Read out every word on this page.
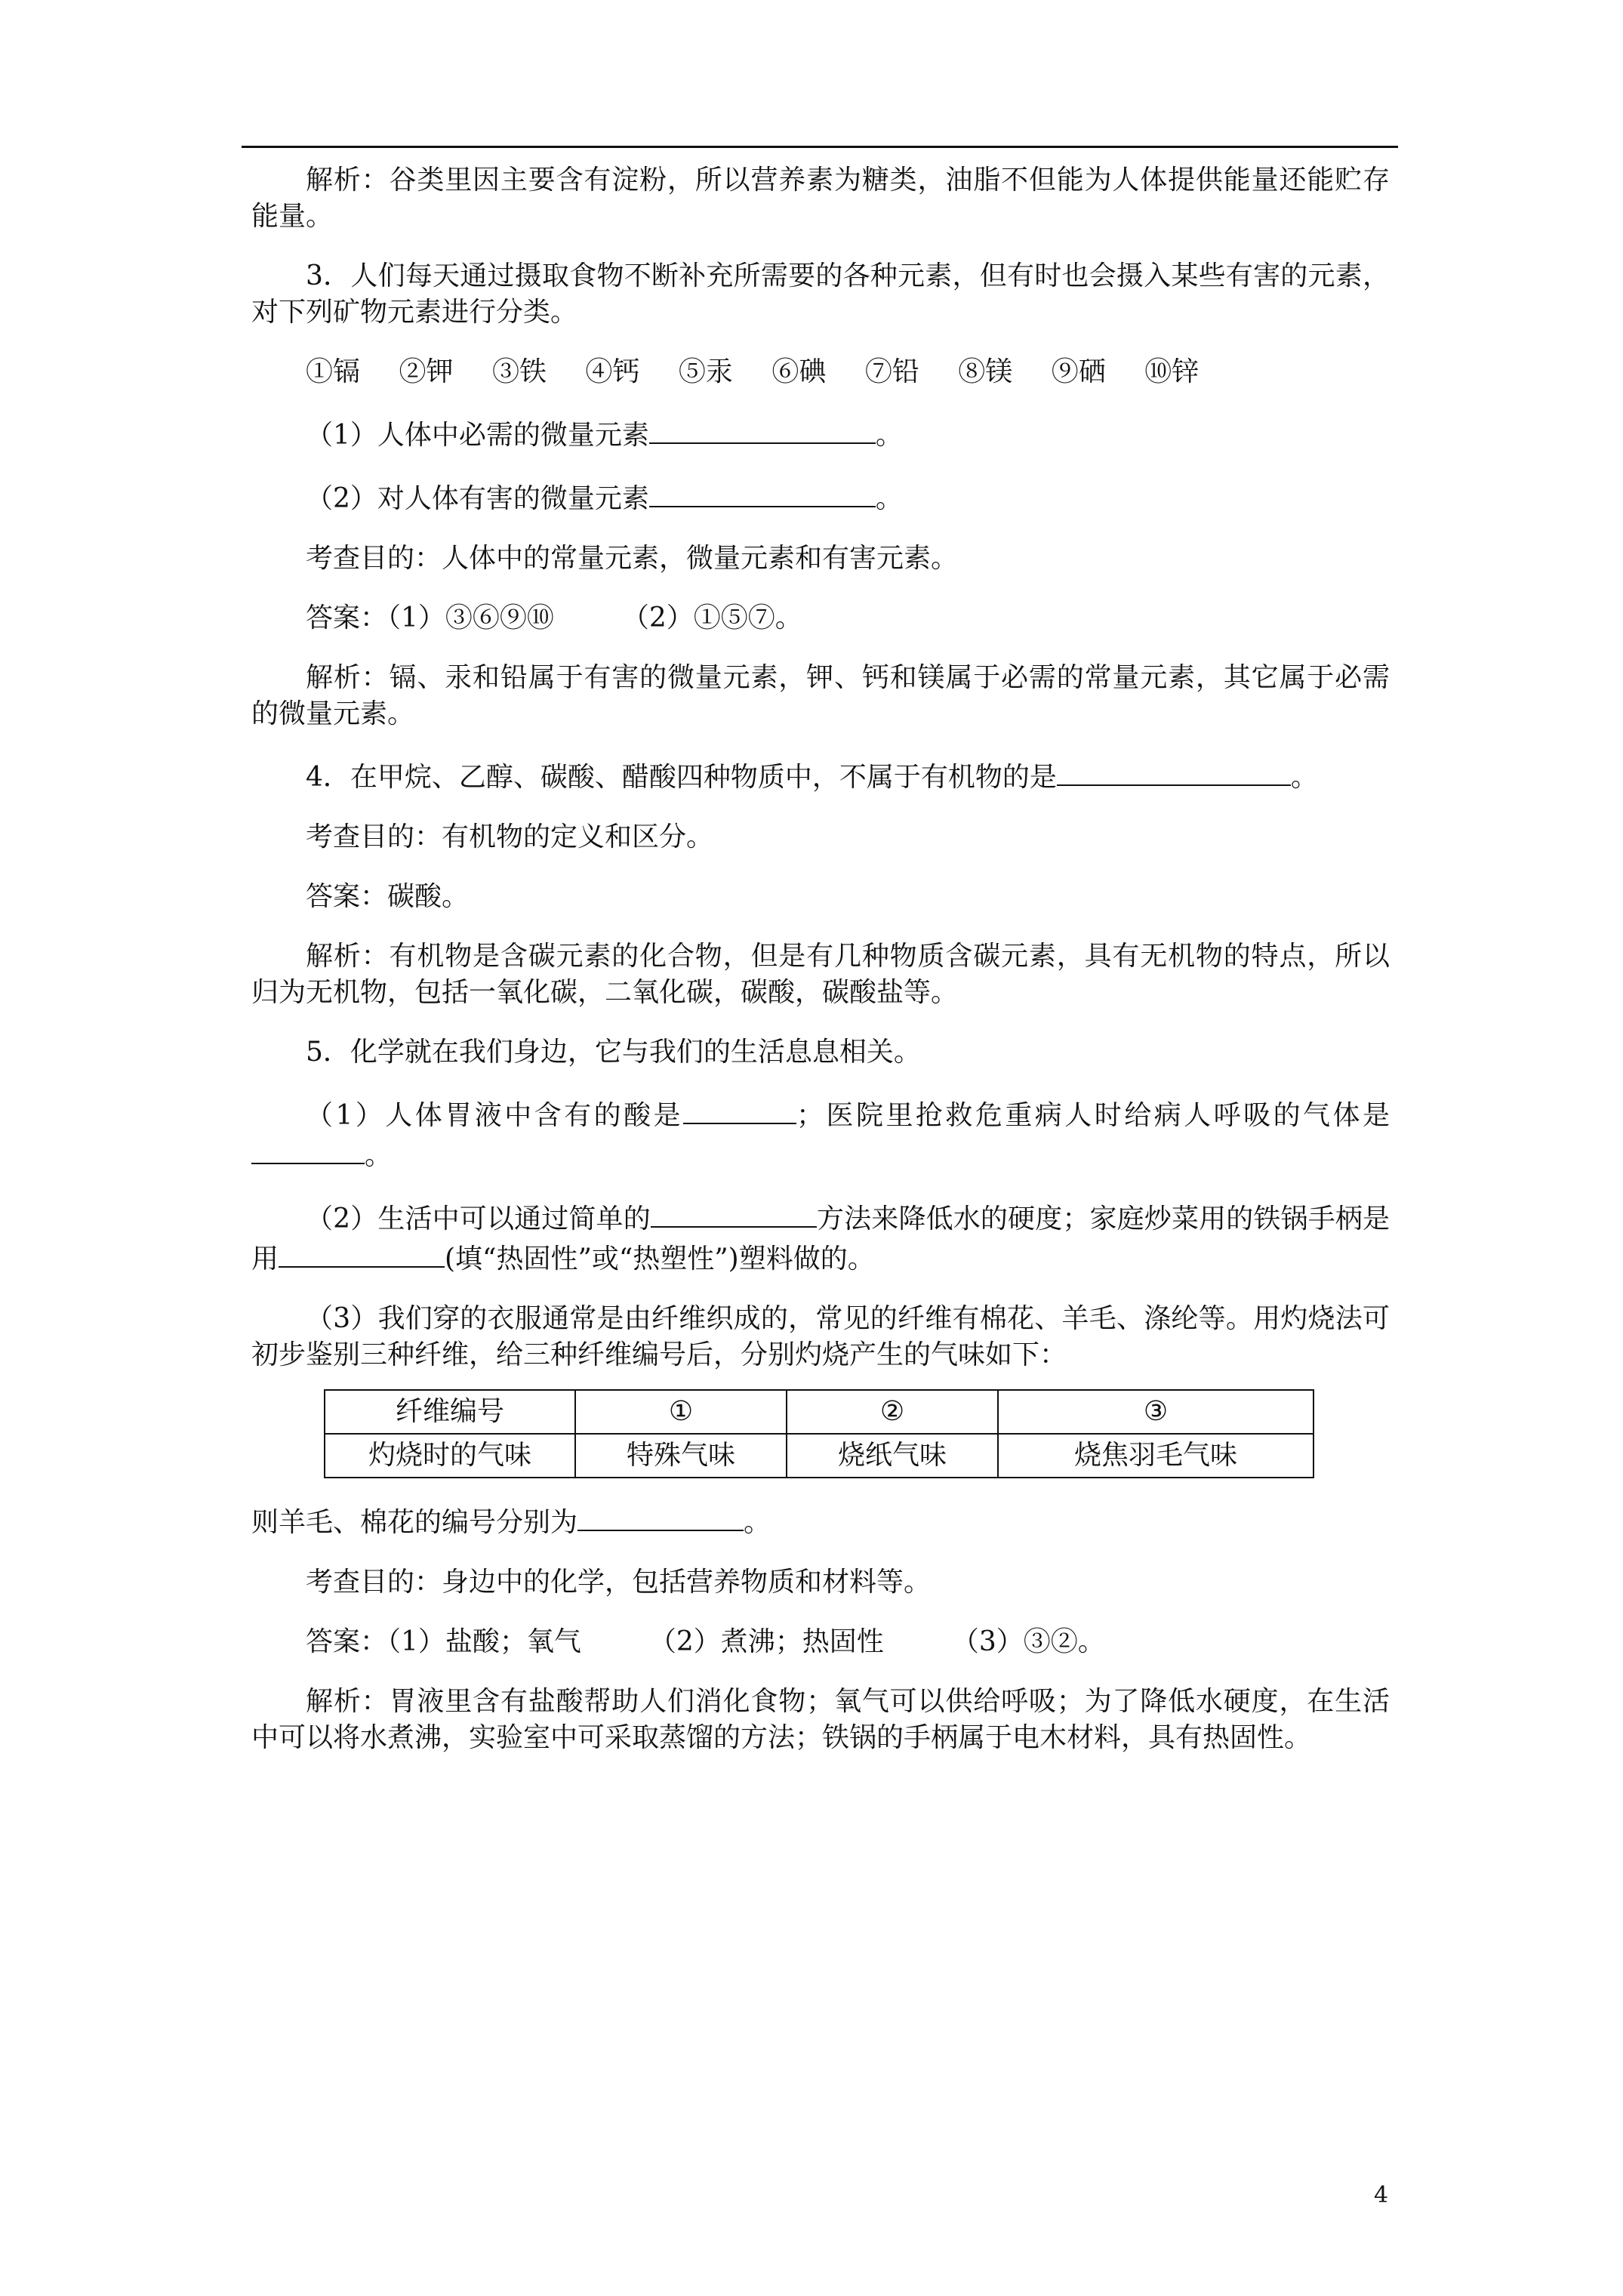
解析：谷类里因主要含有淀粉，所以营养素为糖类，油脂不但能为人体提供能量还能贮存能量。

3．人们每天通过摄取食物不断补充所需要的各种元素，但有时也会摄入某些有害的元素，对下列矿物元素进行分类。

①镉 ②钾 ③铁 ④钙 ⑤汞 ⑥碘 ⑦铅 ⑧镁 ⑨硒 ⑩锌

（1）人体中必需的微量元素	。

（2）对人体有害的微量元素	。

考查目的：人体中的常量元素，微量元素和有害元素。

答案：（1）③⑥⑨⑩	（2）①⑤⑦。

解析：镉、汞和铅属于有害的微量元素，钾、钙和镁属于必需的常量元素，其它属于必需的微量元素。

4．在甲烷、乙醇、碳酸、醋酸四种物质中，不属于有机物的是	。

考查目的：有机物的定义和区分。

答案：碳酸。

解析：有机物是含碳元素的化合物，但是有几种物质含碳元素，具有无机物的特点，所以归为无机物，包括一氧化碳，二氧化碳，碳酸，碳酸盐等。

5．化学就在我们身边，它与我们的生活息息相关。

（1）人体胃液中含有的酸是	；医院里抢救危重病人时给病人呼吸的气体是。

（2）生活中可以通过简单的	方法来降低水的硬度；家庭炒菜用的铁锅手柄是用	(填“热固性”或“热塑性”)塑料做的。

（3）我们穿的衣服通常是由纤维织成的，常见的纤维有棉花、羊毛、涤纶等。用灼烧法可初步鉴别三种纤维，给三种纤维编号后，分别灼烧产生的气味如下：

纤维编号	①	②	③
灼烧时的气味	特殊气味	烧纸气味	烧焦羽毛气味

则羊毛、棉花的编号分别为	。

考查目的：身边中的化学，包括营养物质和材料等。

答案：（1）盐酸；氧气	（2）煮沸；热固性	（3）③②。

解析：胃液里含有盐酸帮助人们消化食物；氧气可以供给呼吸；为了降低水硬度，在生活中可以将水煮沸，实验室中可采取蒸馏的方法；铁锅的手柄属于电木材料，具有热固性。

4
